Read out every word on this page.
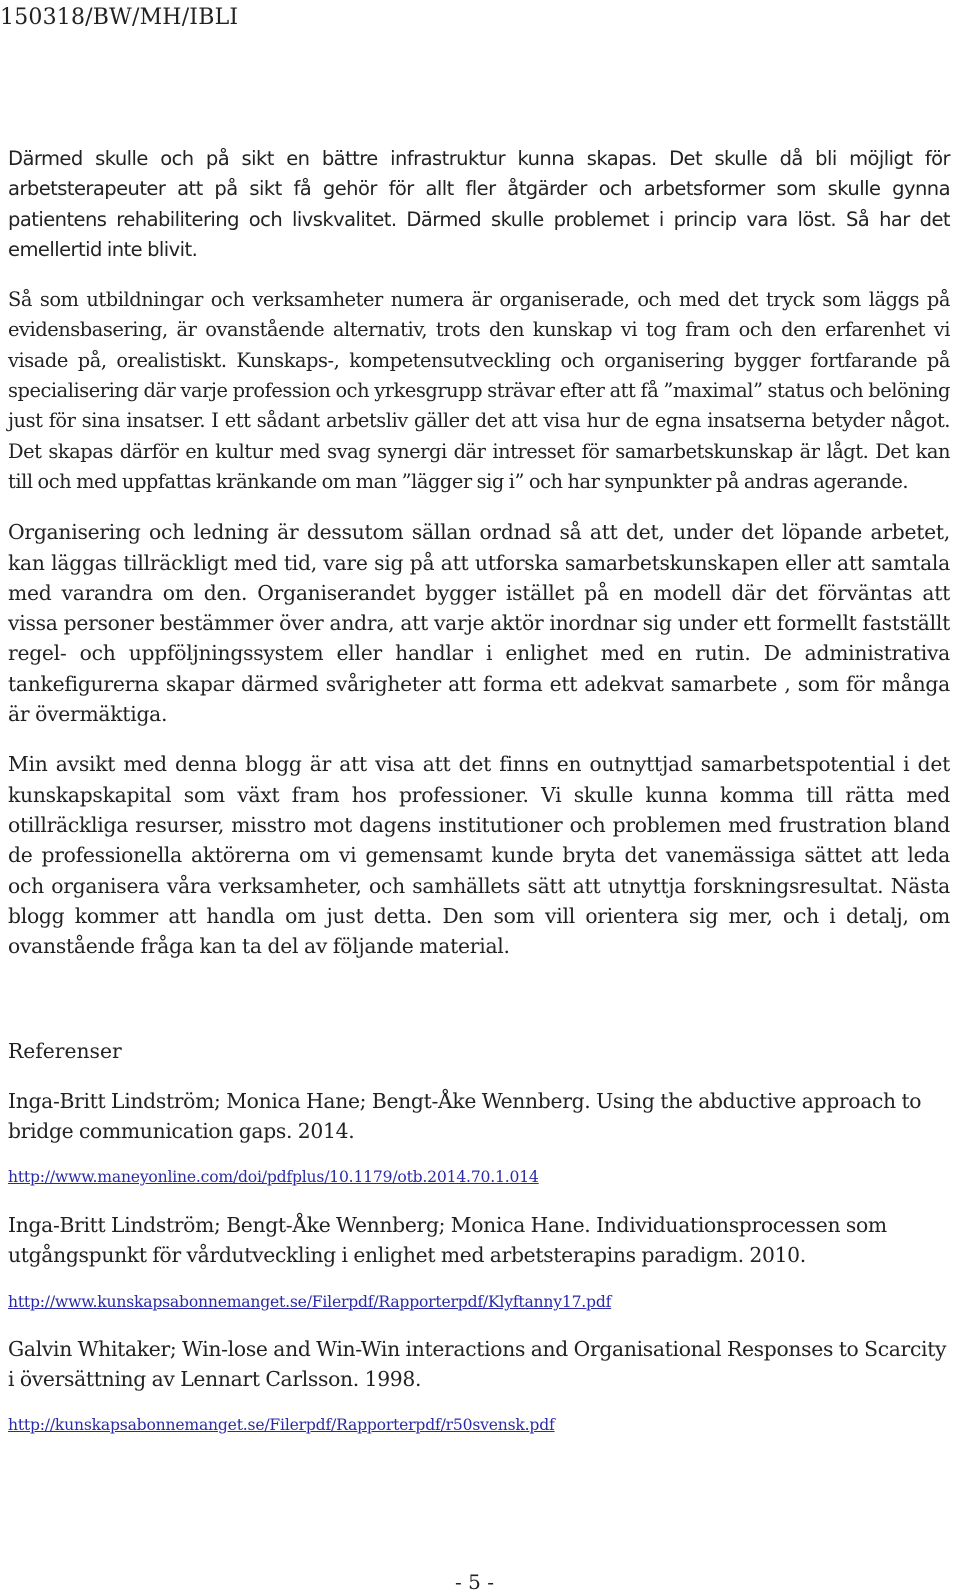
150318/BW/MH/IBLI

Därmed skulle och på sikt en bättre infrastruktur kunna skapas. Det skulle då bli möjligt för arbetsterapeuter att på sikt få gehör för allt fler åtgärder och arbetsformer som skulle gynna patientens rehabilitering och livskvalitet. Därmed skulle problemet i princip vara löst. Så har det emellertid inte blivit.

Så som utbildningar och verksamheter numera är organiserade, och med det tryck som läggs på evidensbasering, är ovanstående alternativ, trots den kunskap vi tog fram och den erfarenhet vi visade på, orealistiskt. Kunskaps-, kompetensutveckling och organisering bygger fortfarande på specialisering där varje profession och yrkesgrupp strävar efter att få ”maximal” status och belöning just för sina insatser. I ett sådant arbetsliv gäller det att visa hur de egna insatserna betyder något. Det skapas därför en kultur med svag synergi där intresset för samarbetskunskap är lågt. Det kan till och med uppfattas kränkande om man ”lägger sig i” och har synpunkter på andras agerande.

Organisering och ledning är dessutom sällan ordnad så att det, under det löpande arbetet, kan läggas tillräckligt med tid, vare sig på att utforska samarbetskunskapen eller att samtala med varandra om den. Organiserandet bygger istället på en modell där det förväntas att vissa personer bestämmer över andra, att varje aktör inordnar sig under ett formellt fastställt regel- och uppföljningssystem eller handlar i enlighet med en rutin. De administrativa tankefigurerna skapar därmed svårigheter att forma ett adekvat samarbete , som för många är övermäktiga.

Min avsikt med denna blogg är att visa att det finns en outnyttjad samarbetspotential i det kunskapskapital som växt fram hos professioner. Vi skulle kunna komma till rätta med otillräckliga resurser, misstro mot dagens institutioner och problemen med frustration bland de professionella aktörerna om vi gemensamt kunde bryta det vanemässiga sättet att leda och organisera våra verksamheter, och samhällets sätt att utnyttja forskningsresultat. Nästa blogg kommer att handla om just detta. Den som vill orientera sig mer, och i detalj, om ovanstående fråga kan ta del av följande material.

Referenser

Inga-Britt Lindström; Monica Hane; Bengt-Åke Wennberg. Using the abductive approach to bridge communication gaps. 2014.

http://www.maneyonline.com/doi/pdfplus/10.1179/otb.2014.70.1.014

Inga-Britt Lindström; Bengt-Åke Wennberg; Monica Hane. Individuationsprocessen som utgångspunkt för vårdutveckling i enlighet med arbetsterapins paradigm. 2010.

http://www.kunskapsabonnemanget.se/Filerpdf/Rapporterpdf/Klyftanny17.pdf

Galvin Whitaker; Win-lose and Win-Win interactions and Organisational Responses to Scarcity i översättning av Lennart Carlsson. 1998.

http://kunskapsabonnemanget.se/Filerpdf/Rapporterpdf/r50svensk.pdf
- 5 -
